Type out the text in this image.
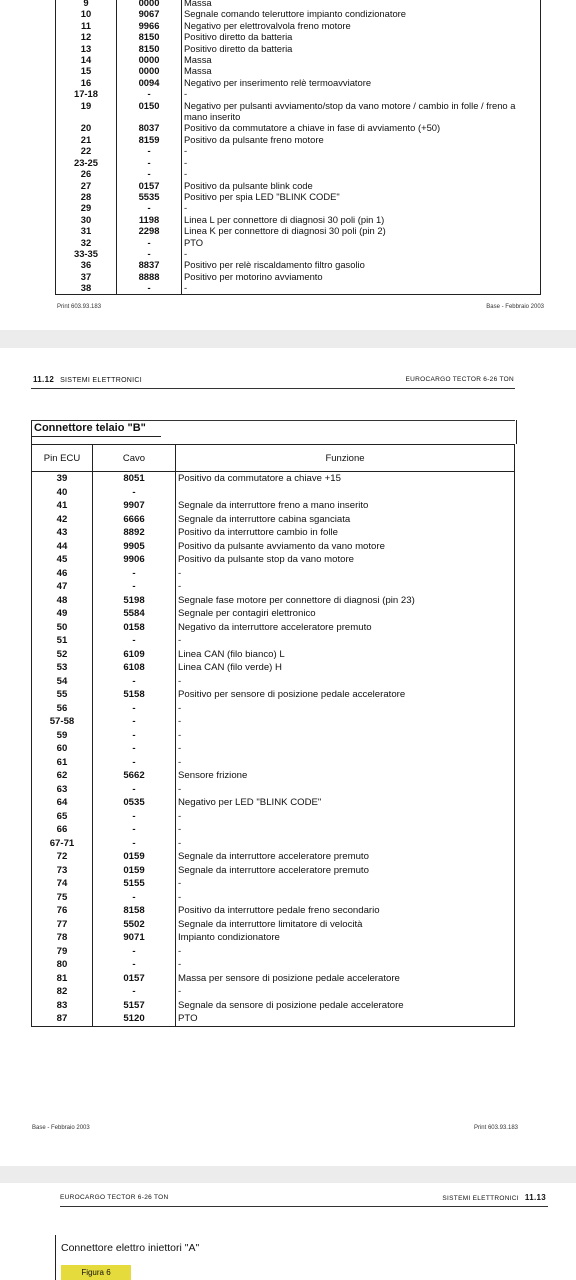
9	0000	Massa
10	9067	Segnale comando teleruttore impianto condizionatore
11	9966	Negativo per elettrovalvola freno motore
12	8150	Positivo diretto da batteria
13	8150	Positivo diretto da batteria
14	0000	Massa
15	0000	Massa
16	0094	Negativo per inserimento relè termoavviatore
17-18	-	-
19	0150	Negativo per pulsanti avviamento/stop da vano motore / cambio in folle / freno a mano inserito
20	8037	Positivo da commutatore a chiave in fase di avviamento (+50)
21	8159	Positivo da pulsante freno motore
22	-	-
23-25	-	-
26	-	-
27	0157	Positivo da pulsante blink code
28	5535	Positivo per spia LED "BLINK CODE"
29	-	-
30	1198	Linea L per connettore di diagnosi 30 poli (pin 1)
31	2298	Linea K per connettore di diagnosi 30 poli (pin 2)
32	-	PTO
33-35	-	-
36	8837	Positivo per relè riscaldamento filtro gasolio
37	8888	Positivo per motorino avviamento
38	-	-
Print 603.93.183	Base - Febbraio 2003
11.12 SISTEMI ELETTRONICI	EUROCARGO TECTOR 6-26 TON
Connettore telaio "B"
Pin ECU	Cavo	Funzione
39	8051	Positivo da commutatore a chiave +15
40	-	
41	9907	Segnale da interruttore freno a mano inserito
42	6666	Segnale da interruttore cabina sganciata
43	8892	Positivo da interruttore cambio in folle
44	9905	Positivo da pulsante avviamento da vano motore
45	9906	Positivo da pulsante stop da vano motore
46	-	-
47	-	-
48	5198	Segnale fase motore per connettore di diagnosi (pin 23)
49	5584	Segnale per contagiri elettronico
50	0158	Negativo da interruttore acceleratore premuto
51	-	-
52	6109	Linea CAN (filo bianco) L
53	6108	Linea CAN (filo verde) H
54	-	-
55	5158	Positivo per sensore di posizione pedale acceleratore
56	-	-
57-58	-	-
59	-	-
60	-	-
61	-	-
62	5662	Sensore frizione
63	-	-
64	0535	Negativo per LED "BLINK CODE"
65	-	-
66	-	-
67-71	-	-
72	0159	Segnale da interruttore acceleratore premuto
73	0159	Segnale da interruttore acceleratore premuto
74	5155	-
75	-	-
76	8158	Positivo da interruttore pedale freno secondario
77	5502	Segnale da interruttore limitatore di velocità
78	9071	Impianto condizionatore
79	-	-
80	-	-
81	0157	Massa per sensore di posizione pedale acceleratore
82	-	-
83	5157	Segnale da sensore di posizione pedale acceleratore
87	5120	PTO
Base - Febbraio 2003	Print 603.93.183
EUROCARGO TECTOR 6-26 TON	SISTEMI ELETTRONICI 11.13
Connettore elettro iniettori "A"
Figura 6
